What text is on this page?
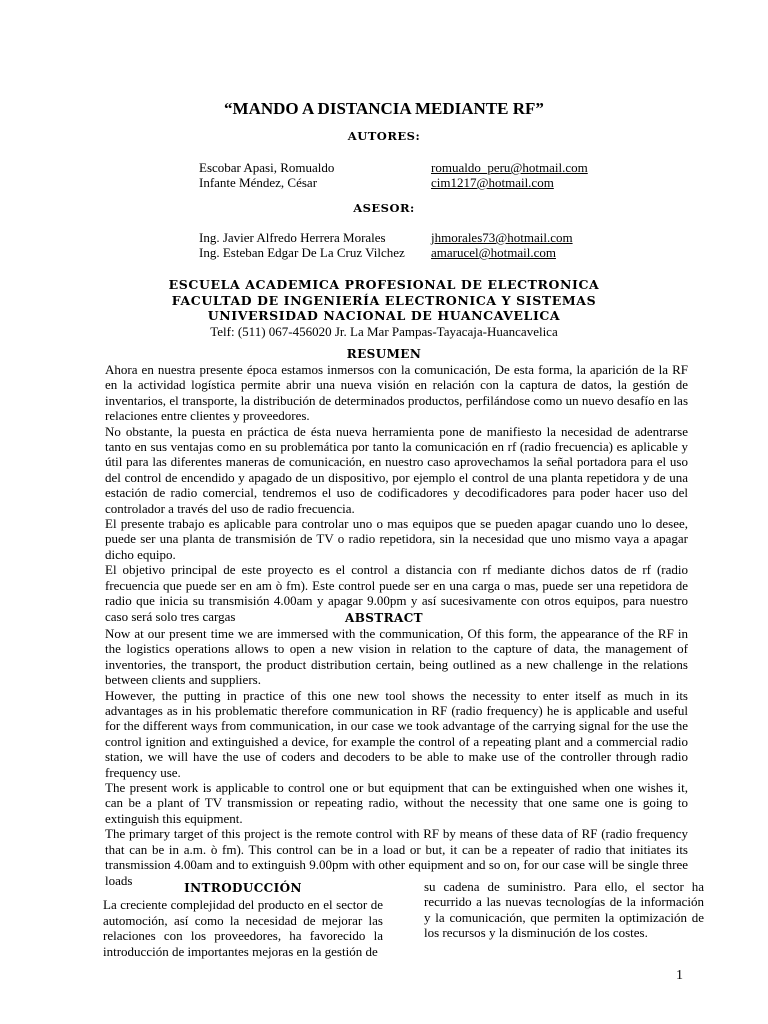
“MANDO A DISTANCIA MEDIANTE RF”
AUTORES:
Escobar Apasi, Romualdo	romualdo_peru@hotmail.com
Infante Méndez, César	cim1217@hotmail.com
ASESOR:
Ing. Javier Alfredo Herrera Morales	jhmorales73@hotmail.com
Ing. Esteban Edgar De La Cruz Vilchez	amarucel@hotmail.com
ESCUELA ACADEMICA PROFESIONAL DE ELECTRONICA
FACULTAD DE INGENIERÍA ELECTRONICA Y SISTEMAS
UNIVERSIDAD NACIONAL DE HUANCAVELICA
Telf: (511) 067-456020 Jr. La Mar Pampas-Tayacaja-Huancavelica
RESUMEN

Ahora en nuestra presente época estamos inmersos con la comunicación, De esta forma, la aparición de la RF en la actividad logística permite abrir una nueva visión en relación con la captura de datos, la gestión de inventarios, el transporte, la distribución de determinados productos, perfilándose como un nuevo desafío en las relaciones entre clientes y proveedores.

No obstante, la puesta en práctica de ésta nueva herramienta pone de manifiesto la necesidad de adentrarse tanto en sus ventajas como en su problemática por tanto la comunicación en rf (radio frecuencia) es aplicable y útil para las diferentes maneras de comunicación, en nuestro caso aprovechamos la señal portadora para el uso del control de encendido y apagado de un dispositivo, por ejemplo el control de una planta repetidora y de una estación de radio comercial, tendremos el uso de codificadores y decodificadores para poder hacer uso del controlador a través del uso de radio frecuencia.

El presente trabajo es aplicable para controlar uno o mas equipos que se pueden apagar cuando uno lo desee, puede ser una planta de transmisión de TV o radio repetidora, sin la necesidad que uno mismo vaya a apagar dicho equipo.

El objetivo principal de este proyecto es el control a distancia con rf mediante dichos datos de rf (radio frecuencia que puede ser en am ò fm). Este control puede ser en una carga o mas, puede ser una repetidora de radio que inicia su transmisión 4.00am y apagar 9.00pm y así sucesivamente con otros equipos, para nuestro caso será solo tres cargas	ABSTRACT

Now at our present time we are immersed with the communication, Of this form, the appearance of the RF in the logistics operations allows to open a new vision in relation to the capture of data, the management of inventories, the transport, the product distribution certain, being outlined as a new challenge in the relations between clients and suppliers.

However, the putting in practice of this one new tool shows the necessity to enter itself as much in its advantages as in his problematic therefore communication in RF (radio frequency) he is applicable and useful for the different ways from communication, in our case we took advantage of the carrying signal for the use the control ignition and extinguished a device, for example the control of a repeating plant and a commercial radio station, we will have the use of coders and decoders to be able to make use of the controller through radio frequency use.

The present work is applicable to control one or but equipment that can be extinguished when one wishes it, can be a plant of TV transmission or repeating radio, without the necessity that one same one is going to extinguish this equipment.

The primary target of this project is the remote control with RF by means of these data of RF (radio frequency that can be in a.m. ò fm). This control can be in a load or but, it can be a repeater of radio that initiates its transmission 4.00am and to extinguish 9.00pm with other equipment and so on, for our case will be single three loads

INTRODUCCIÓN

La creciente complejidad del producto en el sector de automoción, así como la necesidad de mejorar las relaciones con los proveedores, ha favorecido la introducción de importantes mejoras en la gestión de

su cadena de suministro. Para ello, el sector ha recurrido a las nuevas tecnologías de la información y la comunicación, que permiten la optimización de los recursos y la disminución de los costes.

1
